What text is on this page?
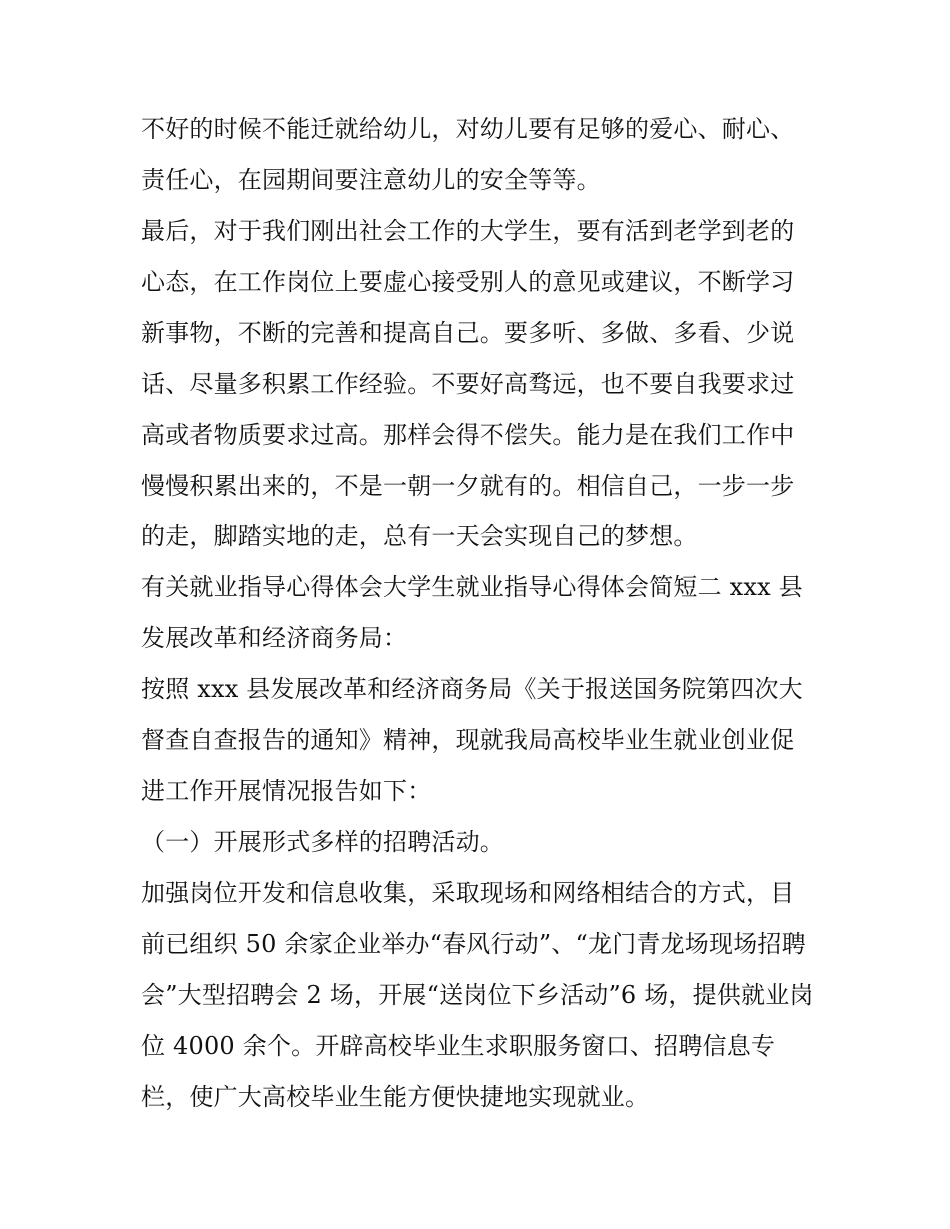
不好的时候不能迁就给幼儿，对幼儿要有足够的爱心、耐心、
责任心，在园期间要注意幼儿的安全等等。
最后，对于我们刚出社会工作的大学生，要有活到老学到老的
心态，在工作岗位上要虚心接受别人的意见或建议，不断学习
新事物，不断的完善和提高自己。要多听、多做、多看、少说
话、尽量多积累工作经验。不要好高骛远，也不要自我要求过
高或者物质要求过高。那样会得不偿失。能力是在我们工作中
慢慢积累出来的，不是一朝一夕就有的。相信自己，一步一步
的走，脚踏实地的走，总有一天会实现自己的梦想。
有关就业指导心得体会大学生就业指导心得体会简短二 xxx 县
发展改革和经济商务局：
按照 xxx 县发展改革和经济商务局《关于报送国务院第四次大
督查自查报告的通知》精神，现就我局高校毕业生就业创业促
进工作开展情况报告如下：
（一）开展形式多样的招聘活动。
加强岗位开发和信息收集，采取现场和网络相结合的方式，目
前已组织 50 余家企业举办“春风行动”、“龙门青龙场现场招聘
会”大型招聘会 2 场，开展“送岗位下乡活动”6 场，提供就业岗
位 4000 余个。开辟高校毕业生求职服务窗口、招聘信息专
栏，使广大高校毕业生能方便快捷地实现就业。
